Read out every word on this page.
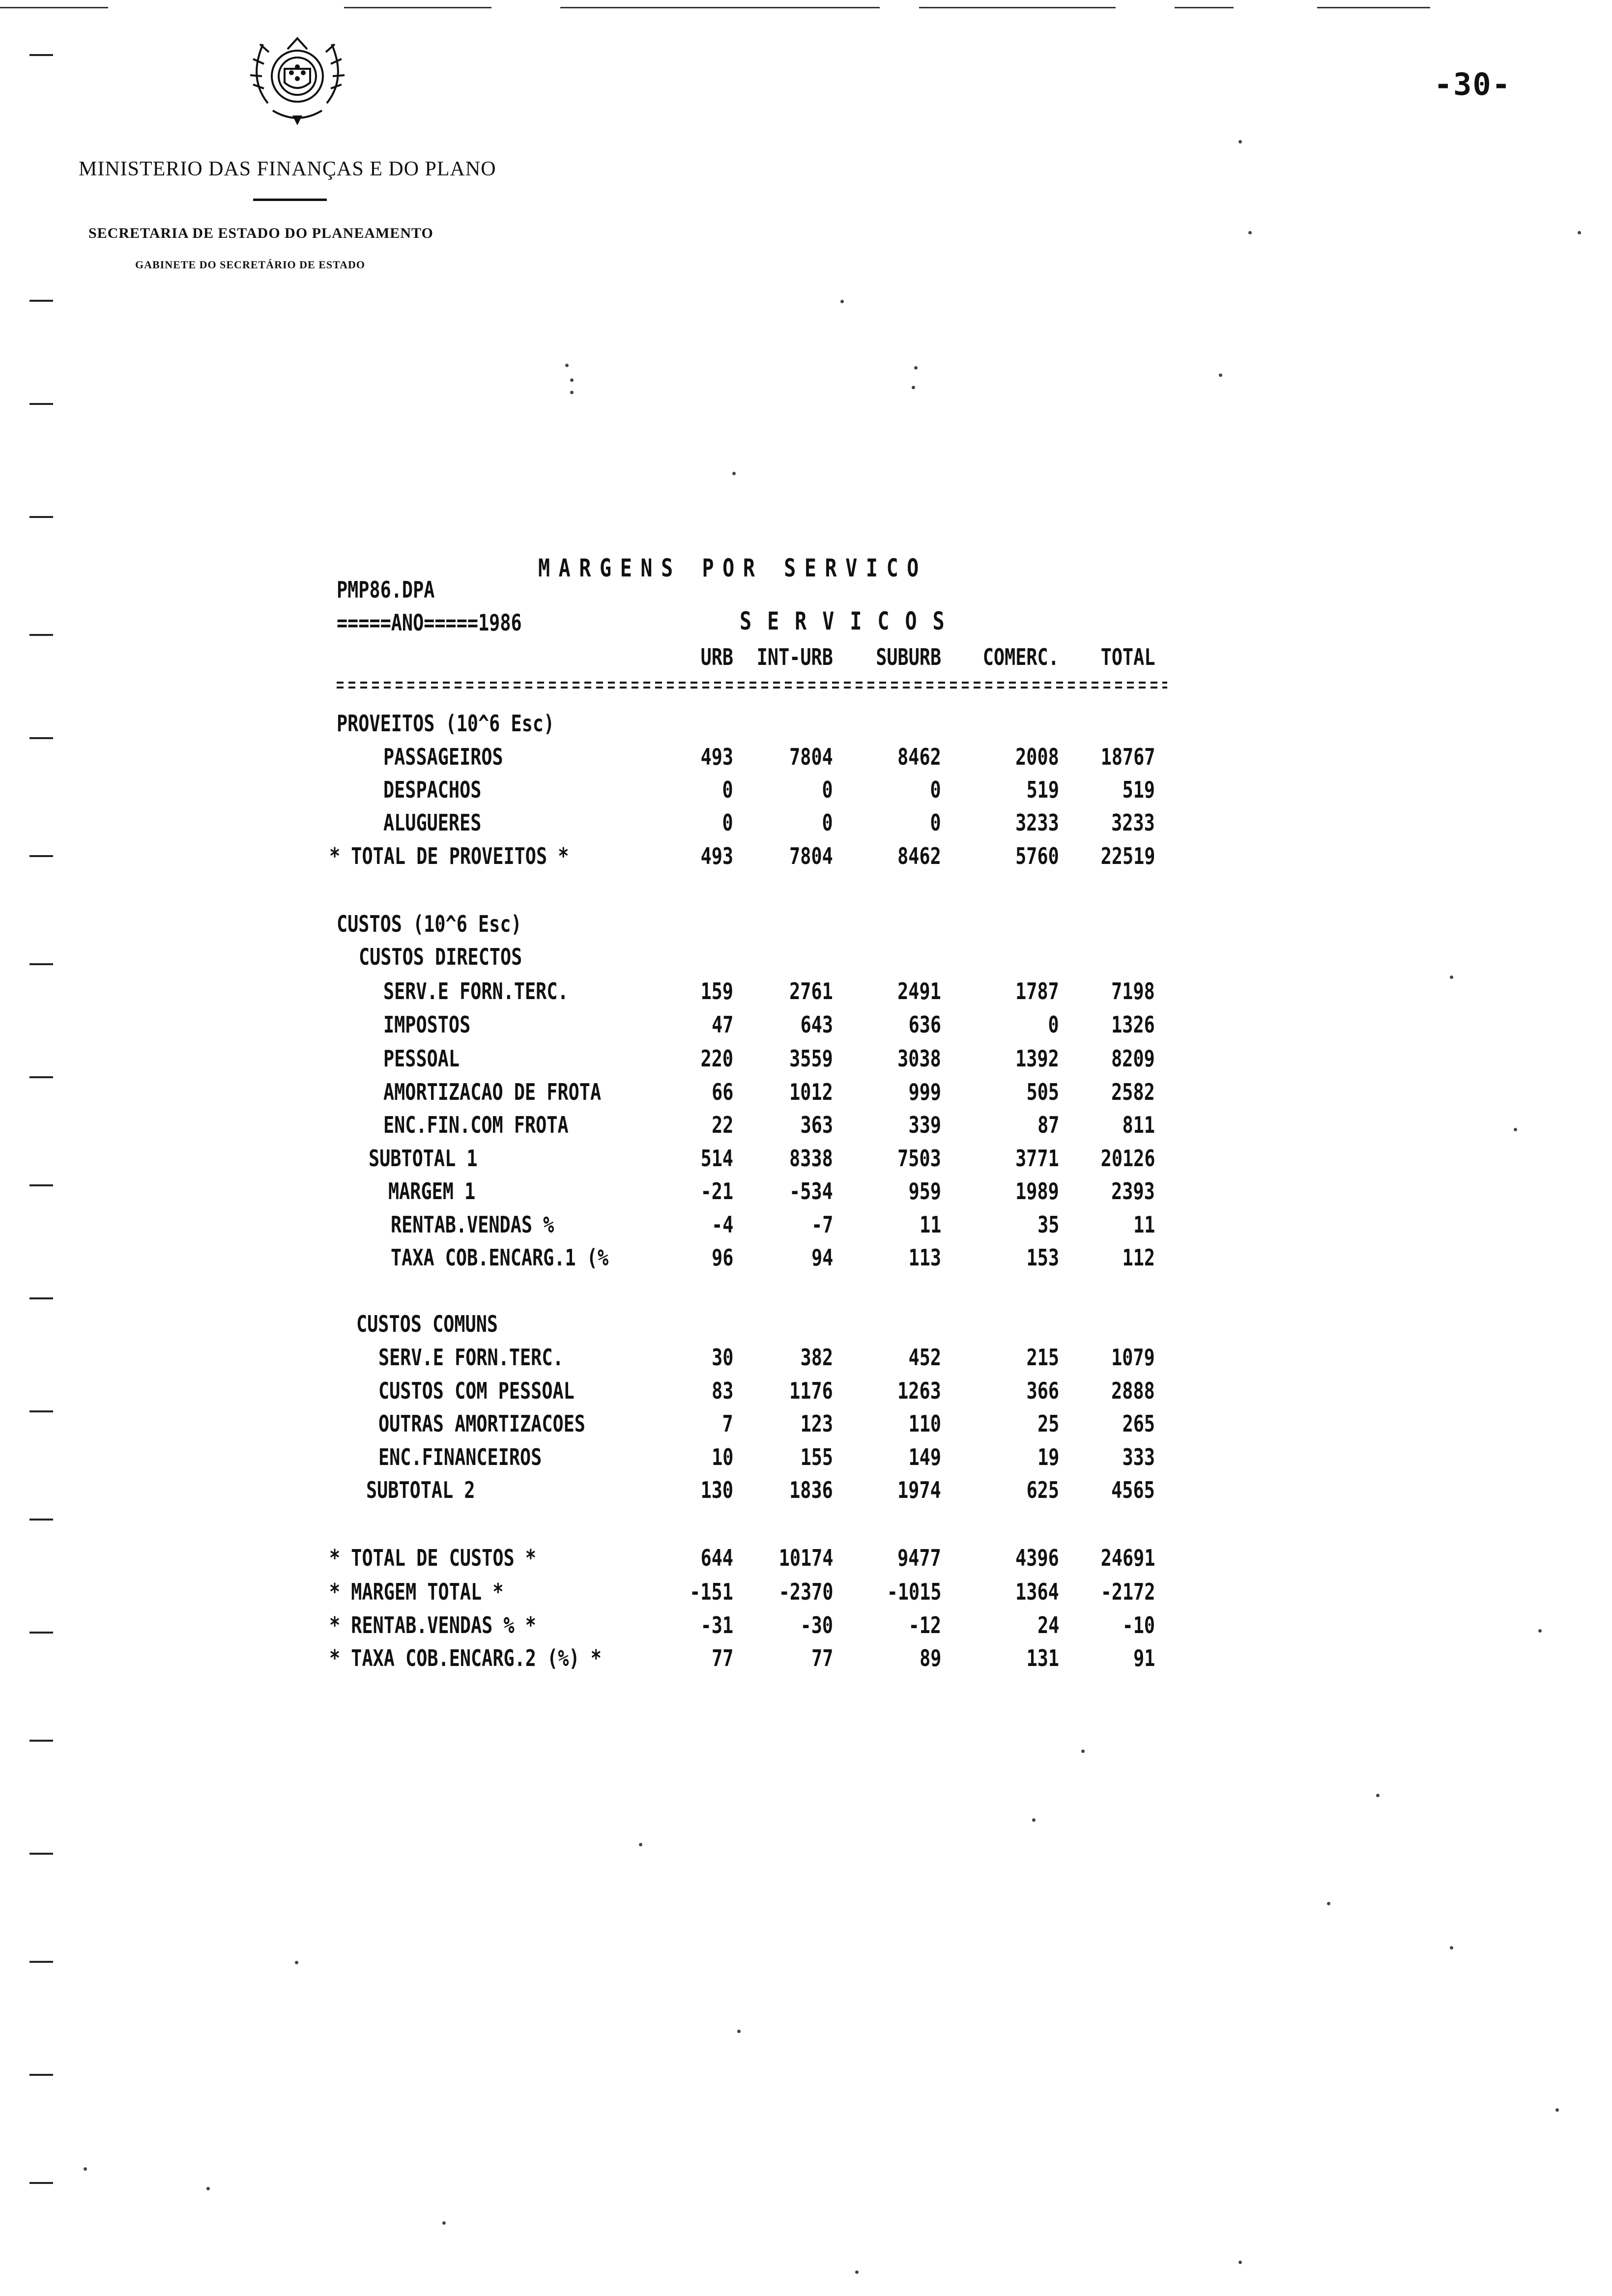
-30-
MINISTERIO DAS FINANÇAS E DO PLANO
SECRETARIA DE ESTADO DO PLANEAMENTO
GABINETE DO SECRETÁRIO DE ESTADO
MARGENS POR SERVICO
PMP86.DPA
=====ANO=====1986	SERVICOS
URB INT-URB SUBURB COMERC. TOTAL
PROVEITOS (10^6 Esc)
PASSAGEIROS	493 7804	8462	2008 18767
DESPACHOS	0	0	0	519	519
ALUGUERES	0	0	0	3233 3233
* TOTAL DE PROVEITOS *	493 7804	8462	5760 22519
CUSTOS (10^6 Esc)
CUSTOS DIRECTOS
SERV.E FORN.TERC.	159 2761	2491	1787 7198
IMPOSTOS	47	643	636	0 1326
PESSOAL	220 3559	3038	1392 8209
AMORTIZACAO DE FROTA	66 1012	999	505 2582
ENC.FIN.COM FROTA	22	363	339	87	811
SUBTOTAL 1	514 8338	7503	3771 20126
MARGEM 1	-21 -534	959	1989 2393
RENTAB.VENDAS %	-4	-7	11	35	11
TAXA COB.ENCARG.1 (%	96	94	113	153	112
CUSTOS COMUNS
SERV.E FORN.TERC.	30	382	452	215 1079
CUSTOS COM PESSOAL	83 1176	1263	366 2888
OUTRAS AMORTIZACOES	7	123	110	25	265
ENC.FINANCEIROS	10	155	149	19	333
SUBTOTAL 2	130 1836	1974	625 4565
* TOTAL DE CUSTOS *	644 10174	9477	4396 24691
* MARGEM TOTAL *	-151 -2370 -1015	1364 -2172
* RENTAB.VENDAS % *	-31	-30	-12	24	-10
* TAXA COB.ENCARG.2 (%) *	77	77	89	131	91
